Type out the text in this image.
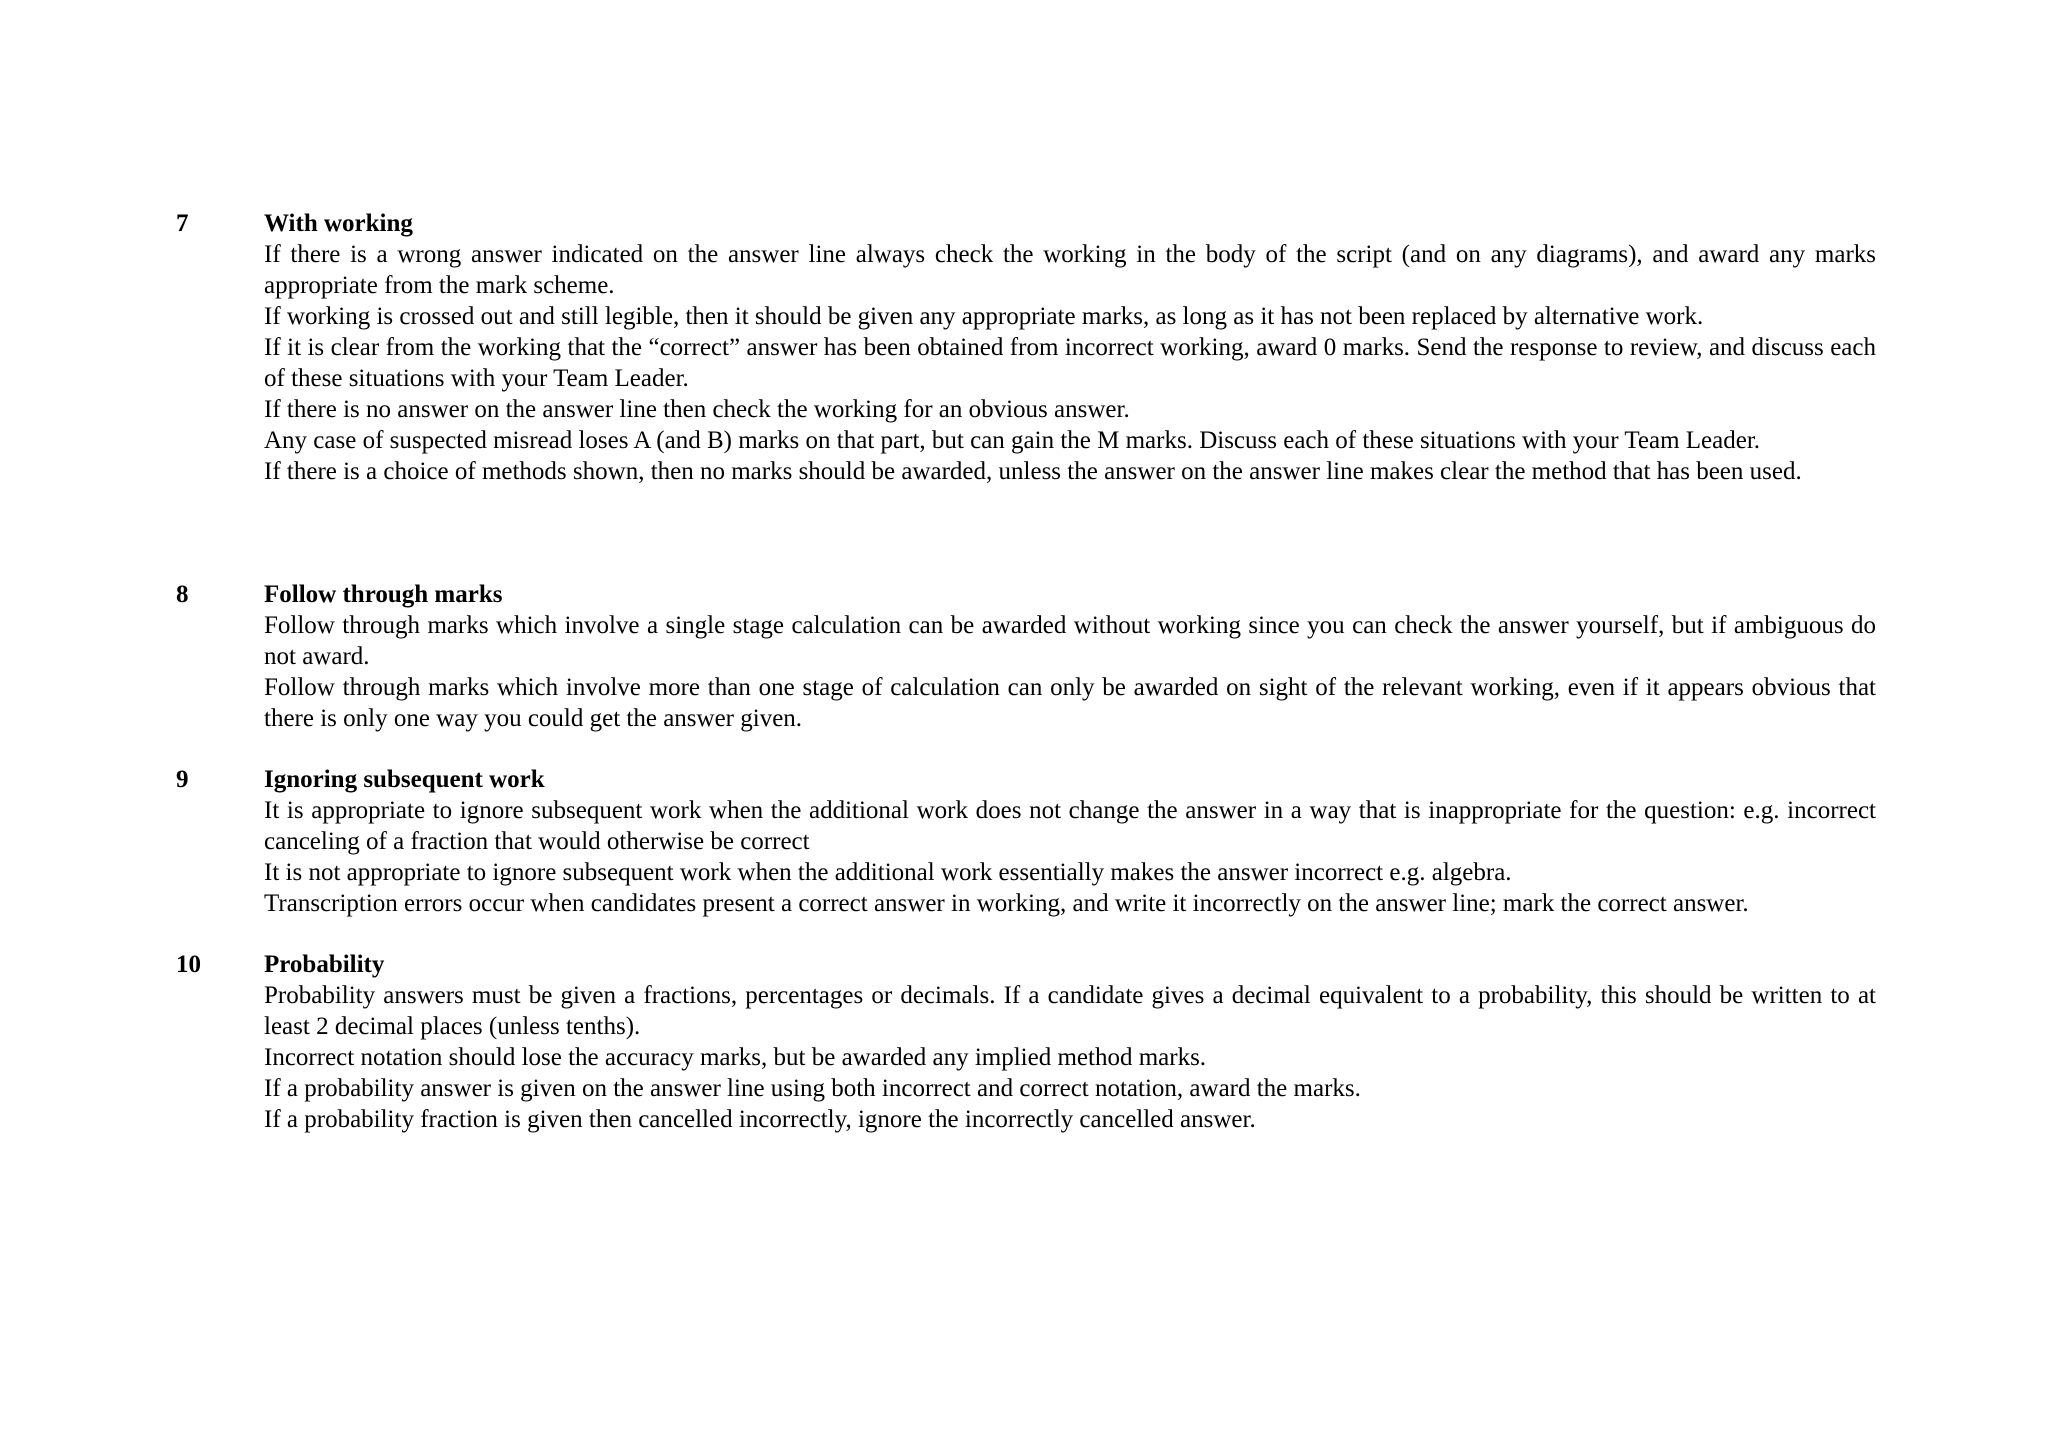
7	With working

If there is a wrong answer indicated on the answer line always check the working in the body of the script (and on any diagrams), and award any marks appropriate from the mark scheme.

If working is crossed out and still legible, then it should be given any appropriate marks, as long as it has not been replaced by alternative work.

If it is clear from the working that the “correct” answer has been obtained from incorrect working, award 0 marks. Send the response to review, and discuss each of these situations with your Team Leader.

If there is no answer on the answer line then check the working for an obvious answer.

Any case of suspected misread loses A (and B) marks on that part, but can gain the M marks. Discuss each of these situations with your Team Leader.

If there is a choice of methods shown, then no marks should be awarded, unless the answer on the answer line makes clear the method that has been used.

8	Follow through marks

Follow through marks which involve a single stage calculation can be awarded without working since you can check the answer yourself, but if ambiguous do not award.

Follow through marks which involve more than one stage of calculation can only be awarded on sight of the relevant working, even if it appears obvious that there is only one way you could get the answer given.

9	Ignoring subsequent work

It is appropriate to ignore subsequent work when the additional work does not change the answer in a way that is inappropriate for the question: e.g. incorrect canceling of a fraction that would otherwise be correct

It is not appropriate to ignore subsequent work when the additional work essentially makes the answer incorrect e.g. algebra.

Transcription errors occur when candidates present a correct answer in working, and write it incorrectly on the answer line; mark the correct answer.

10	Probability

Probability answers must be given a fractions, percentages or decimals. If a candidate gives a decimal equivalent to a probability, this should be written to at least 2 decimal places (unless tenths).

Incorrect notation should lose the accuracy marks, but be awarded any implied method marks.

If a probability answer is given on the answer line using both incorrect and correct notation, award the marks.

If a probability fraction is given then cancelled incorrectly, ignore the incorrectly cancelled answer.
